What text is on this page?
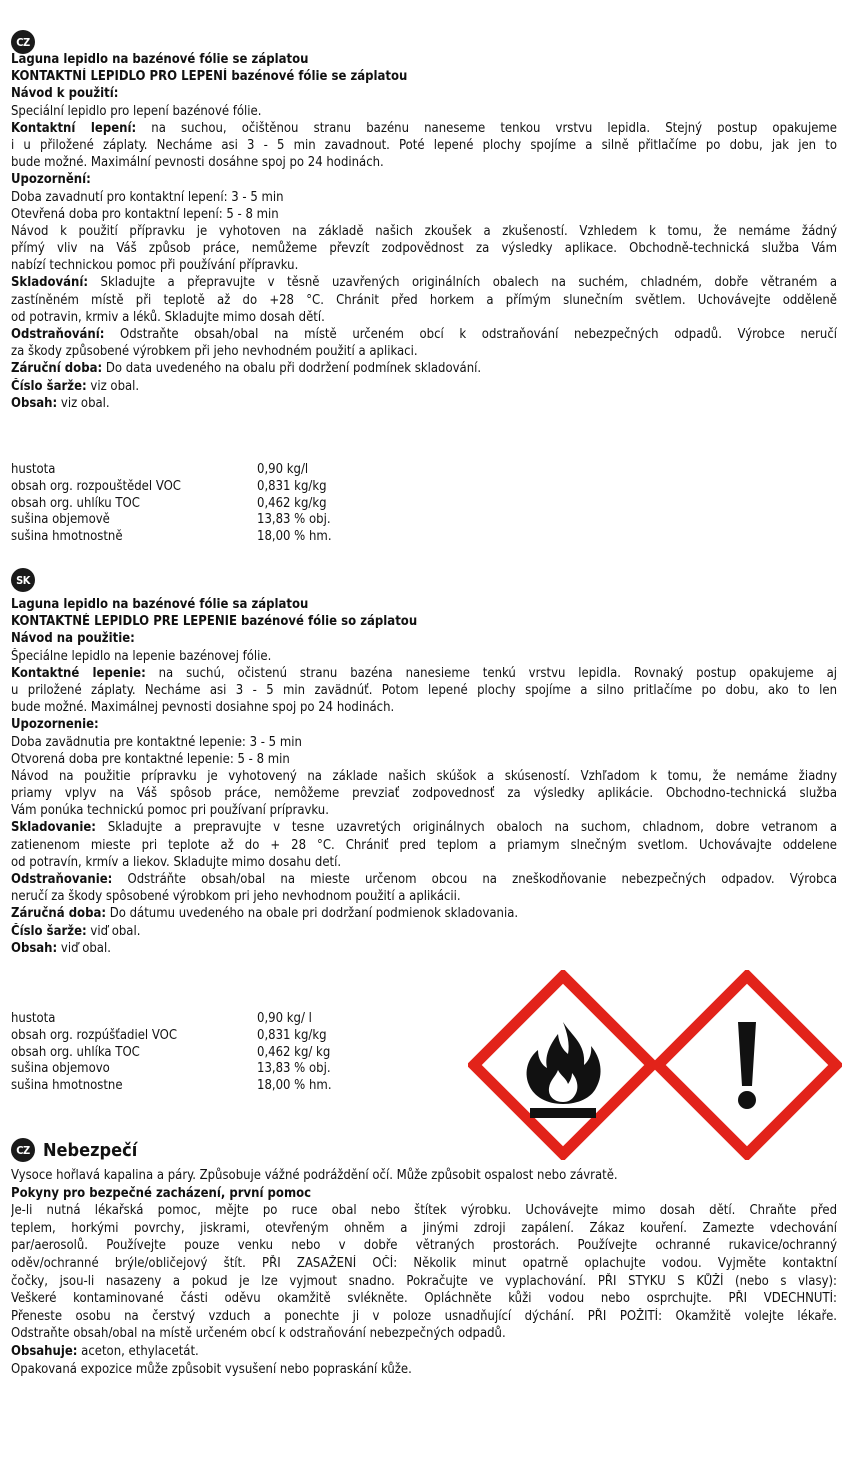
CZ
Laguna lepidlo na bazénové fólie se záplatou
KONTAKTNÍ LEPIDLO PRO LEPENÍ bazénové fólie se záplatou
Návod k použití:
Speciální lepidlo pro lepení bazénové fólie.
Kontaktní lepení: na suchou, očištěnou stranu bazénu naneseme tenkou vrstvu lepidla. Stejný postup opakujeme
i u přiložené záplaty. Necháme asi 3 - 5 min zavadnout. Poté lepené plochy spojíme a silně přitlačíme po dobu, jak jen to
bude možné. Maximální pevnosti dosáhne spoj po 24 hodinách.
Upozornění:
Doba zavadnutí pro kontaktní lepení: 3 - 5 min
Otevřená doba pro kontaktní lepení: 5 - 8 min
Návod k použití přípravku je vyhotoven na základě našich zkoušek a zkušeností. Vzhledem k tomu, že nemáme žádný
přímý vliv na Váš způsob práce, nemůžeme převzít zodpovědnost za výsledky aplikace. Obchodně-technická služba Vám
nabízí technickou pomoc při používání přípravku.
Skladování: Skladujte a přepravujte v těsně uzavřených originálních obalech na suchém, chladném, dobře větraném a
zastíněném místě při teplotě až do +28 °C. Chránit před horkem a přímým slunečním světlem. Uchovávejte odděleně
od potravin, krmiv a léků. Skladujte mimo dosah dětí.
Odstraňování: Odstraňte obsah/obal na místě určeném obcí k odstraňování nebezpečných odpadů. Výrobce neručí
za škody způsobené výrobkem při jeho nevhodném použití a aplikaci.
Záruční doba: Do data uvedeného na obalu při dodržení podmínek skladování.
Číslo šarže: viz obal.
Obsah: viz obal.
hustota	0,90 kg/l
obsah org. rozpouštědel VOC	0,831 kg/kg
obsah org. uhlíku TOC	0,462 kg/kg
sušina objemově	13,83 % obj.
sušina hmotnostně	18,00 % hm.
SK
Laguna lepidlo na bazénové fólie sa záplatou
KONTAKTNÉ LEPIDLO PRE LEPENIE bazénové fólie so záplatou
Návod na použitie:
Špeciálne lepidlo na lepenie bazénovej fólie.
Kontaktné lepenie: na suchú, očistenú stranu bazéna nanesieme tenkú vrstvu lepidla. Rovnaký postup opakujeme aj
u priložené záplaty. Necháme asi 3 - 5 min zavädnúť. Potom lepené plochy spojíme a silno pritlačíme po dobu, ako to len
bude možné. Maximálnej pevnosti dosiahne spoj po 24 hodinách.
Upozornenie:
Doba zavädnutia pre kontaktné lepenie: 3 - 5 min
Otvorená doba pre kontaktné lepenie: 5 - 8 min
Návod na použitie prípravku je vyhotovený na základe našich skúšok a skúseností. Vzhľadom k tomu, že nemáme žiadny
priamy vplyv na Váš spôsob práce, nemôžeme prevziať zodpovednosť za výsledky aplikácie. Obchodno-technická služba
Vám ponúka technickú pomoc pri používaní prípravku.
Skladovanie: Skladujte a prepravujte v tesne uzavretých originálnych obaloch na suchom, chladnom, dobre vetranom a
zatienenom mieste pri teplote až do + 28 °C. Chrániť pred teplom a priamym slnečným svetlom. Uchovávajte oddelene
od potravín, krmív a liekov. Skladujte mimo dosahu detí.
Odstraňovanie: Odstráňte obsah/obal na mieste určenom obcou na zneškodňovanie nebezpečných odpadov. Výrobca
neručí za škody spôsobené výrobkom pri jeho nevhodnom použití a aplikácii.
Záručná doba: Do dátumu uvedeného na obale pri dodržaní podmienok skladovania.
Číslo šarže: viď obal.
Obsah: viď obal.
hustota	0,90 kg/ l
obsah org. rozpúšťadiel VOC	0,831 kg/kg
obsah org. uhlíka TOC	0,462 kg/ kg
sušina objemovo	13,83 % obj.
sušina hmotnostne	18,00 % hm.
CZ Nebezpečí
Vysoce hořlavá kapalina a páry. Způsobuje vážné podráždění očí. Může způsobit ospalost nebo závratě.
Pokyny pro bezpečné zacházení, první pomoc
Je-li nutná lékařská pomoc, mějte po ruce obal nebo štítek výrobku. Uchovávejte mimo dosah dětí. Chraňte před
teplem, horkými povrchy, jiskrami, otevřeným ohněm a jinými zdroji zapálení. Zákaz kouření. Zamezte vdechování
par/aerosolů. Používejte pouze venku nebo v dobře větraných prostorách. Používejte ochranné rukavice/ochranný
oděv/ochranné brýle/obličejový štít. PŘI ZASAŽENÍ OČÍ: Několik minut opatrně oplachujte vodou. Vyjměte kontaktní
čočky, jsou-li nasazeny a pokud je lze vyjmout snadno. Pokračujte ve vyplachování. PŘI STYKU S KŮŽÍ (nebo s vlasy):
Veškeré kontaminované části oděvu okamžitě svlékněte. Opláchněte kůži vodou nebo osprchujte. PŘI VDECHNUTÍ:
Přeneste osobu na čerstvý vzduch a ponechte ji v poloze usnadňující dýchání. PŘI POŽITÍ: Okamžitě volejte lékaře.
Odstraňte obsah/obal na místě určeném obcí k odstraňování nebezpečných odpadů.
Obsahuje: aceton, ethylacetát.
Opakovaná expozice může způsobit vysušení nebo popraskání kůže.
